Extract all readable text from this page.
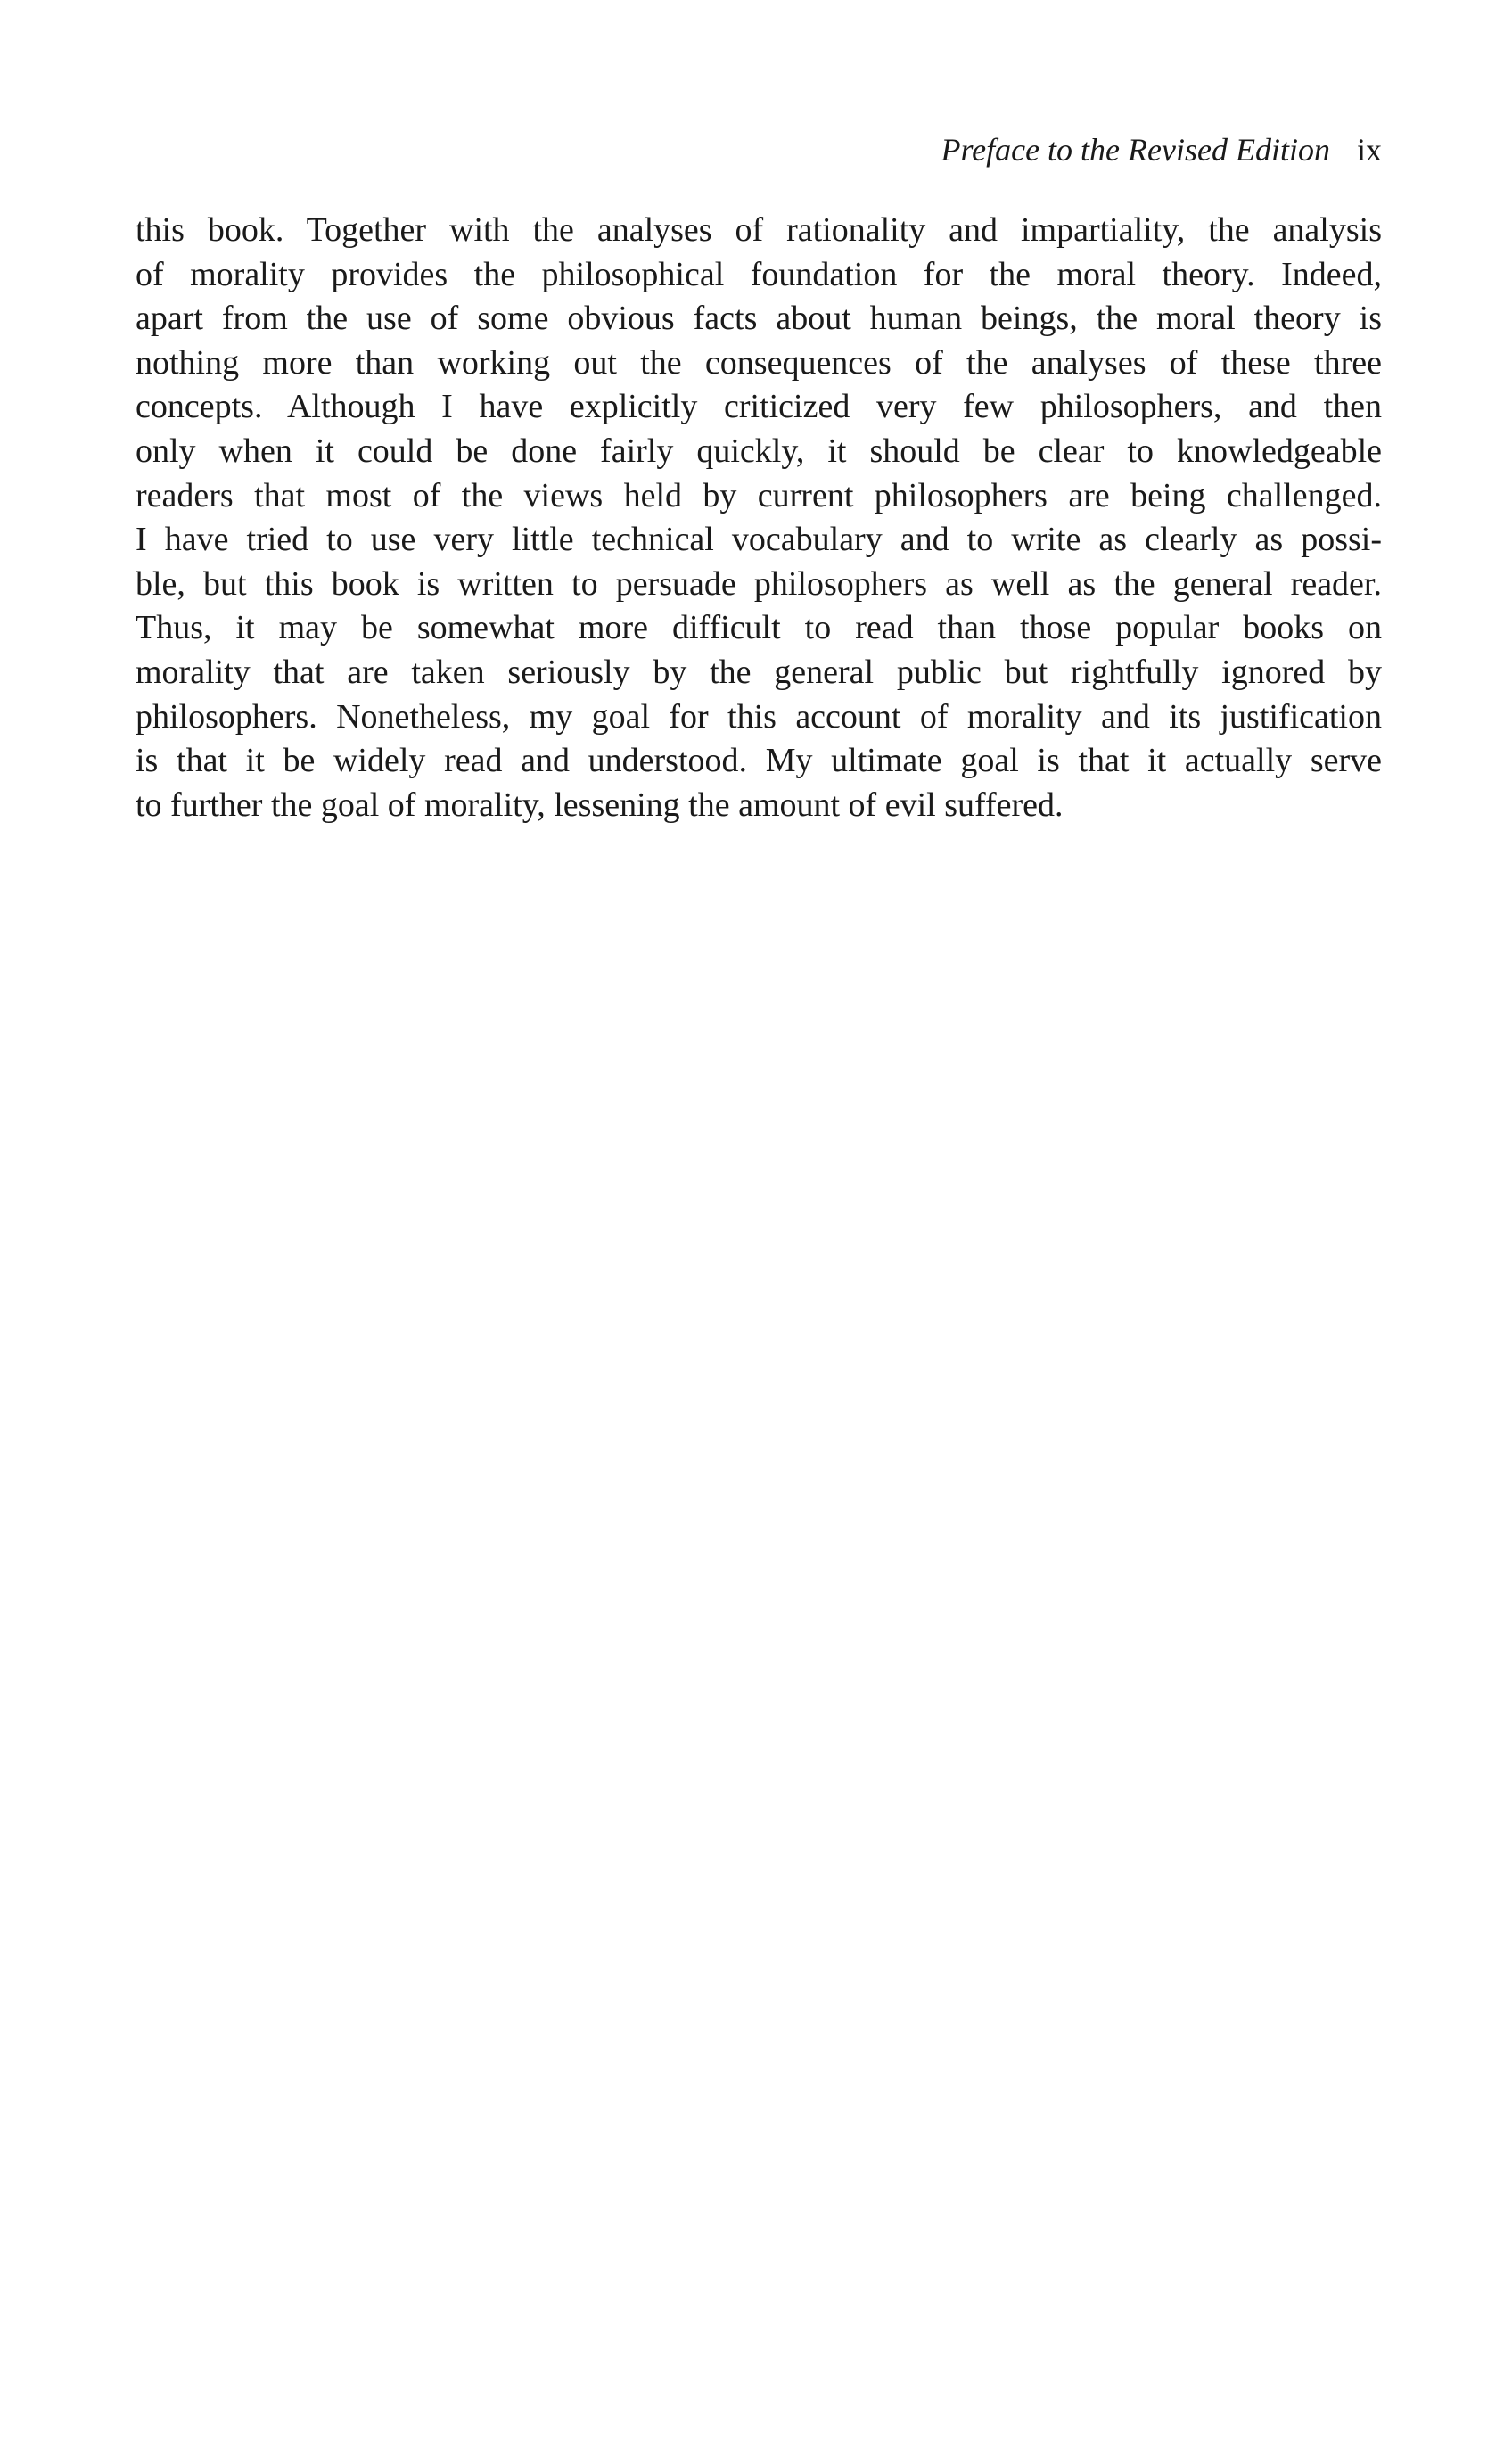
Preface to the Revised Edition ix
this book. Together with the analyses of rationality and impartiality, the analysis
of morality provides the philosophical foundation for the moral theory. Indeed,
apart from the use of some obvious facts about human beings, the moral theory is
nothing more than working out the consequences of the analyses of these three
concepts. Although I have explicitly criticized very few philosophers, and then
only when it could be done fairly quickly, it should be clear to knowledgeable
readers that most of the views held by current philosophers are being challenged.
I have tried to use very little technical vocabulary and to write as clearly as possi-
ble, but this book is written to persuade philosophers as well as the general reader.
Thus, it may be somewhat more difficult to read than those popular books on
morality that are taken seriously by the general public but rightfully ignored by
philosophers. Nonetheless, my goal for this account of morality and its justification
is that it be widely read and understood. My ultimate goal is that it actually serve
to further the goal of morality, lessening the amount of evil suffered.
